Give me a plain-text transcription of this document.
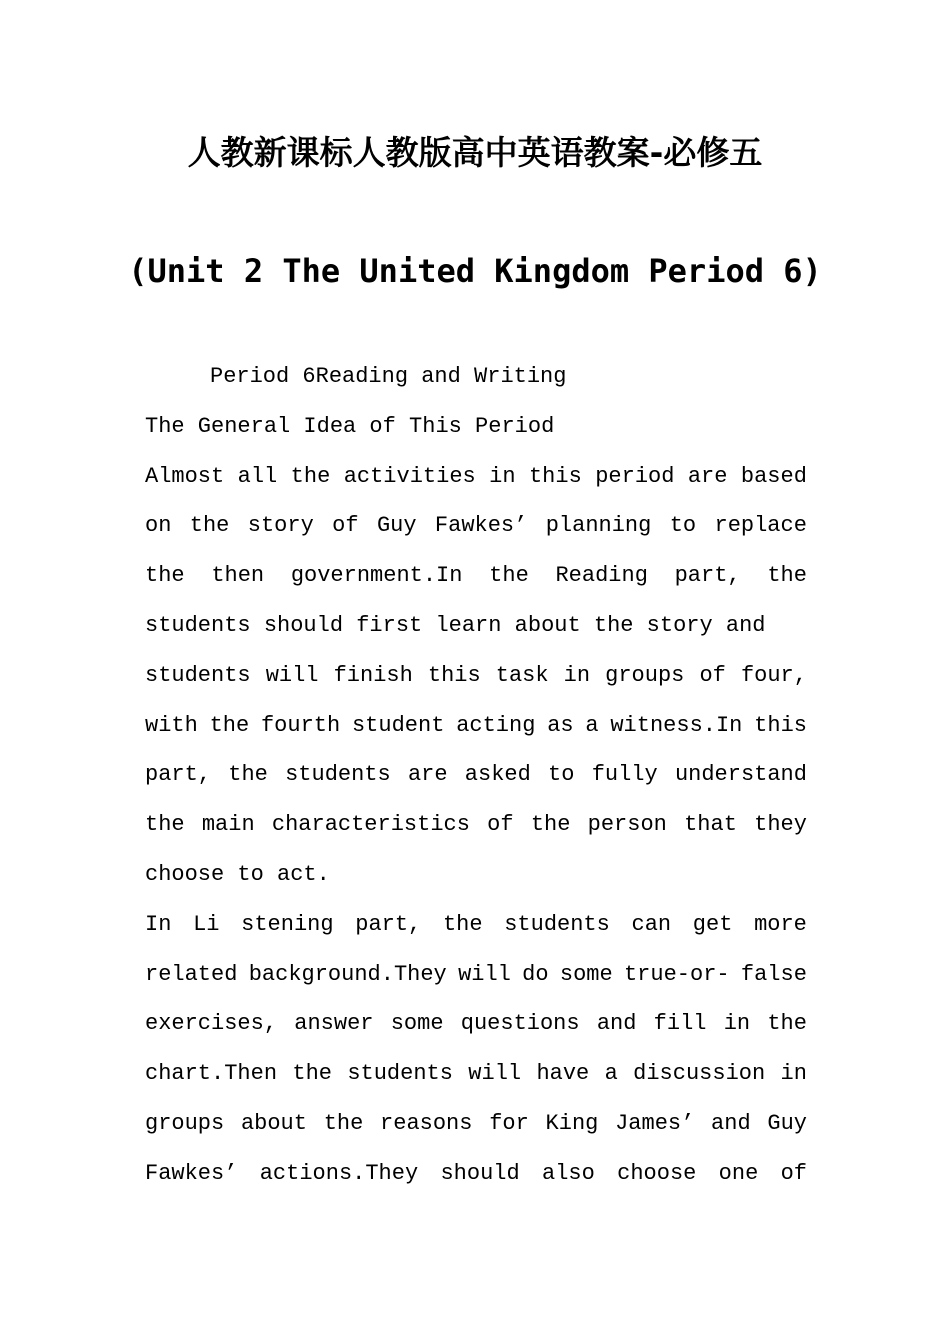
人教新课标人教版高中英语教案-必修五
(Unit 2 The United Kingdom Period 6)
Period 6Reading and Writing
The General Idea of This Period
Almost all the activities in this period are based
on the story of Guy Fawkes’ planning to replace
the then government.In the Reading part, the
students should first learn about the story and
students will finish this task in groups of four,
with the fourth student acting as a witness.In this
part, the students are asked to fully understand
the main characteristics of the person that they
choose to act.
In Li stening part, the students can get more
related background.They will do some true-or- false
exercises, answer some questions and fill in the
chart.Then the students will have a discussion in
groups about the reasons for King James’ and Guy
Fawkes’ actions.They should also choose one of
